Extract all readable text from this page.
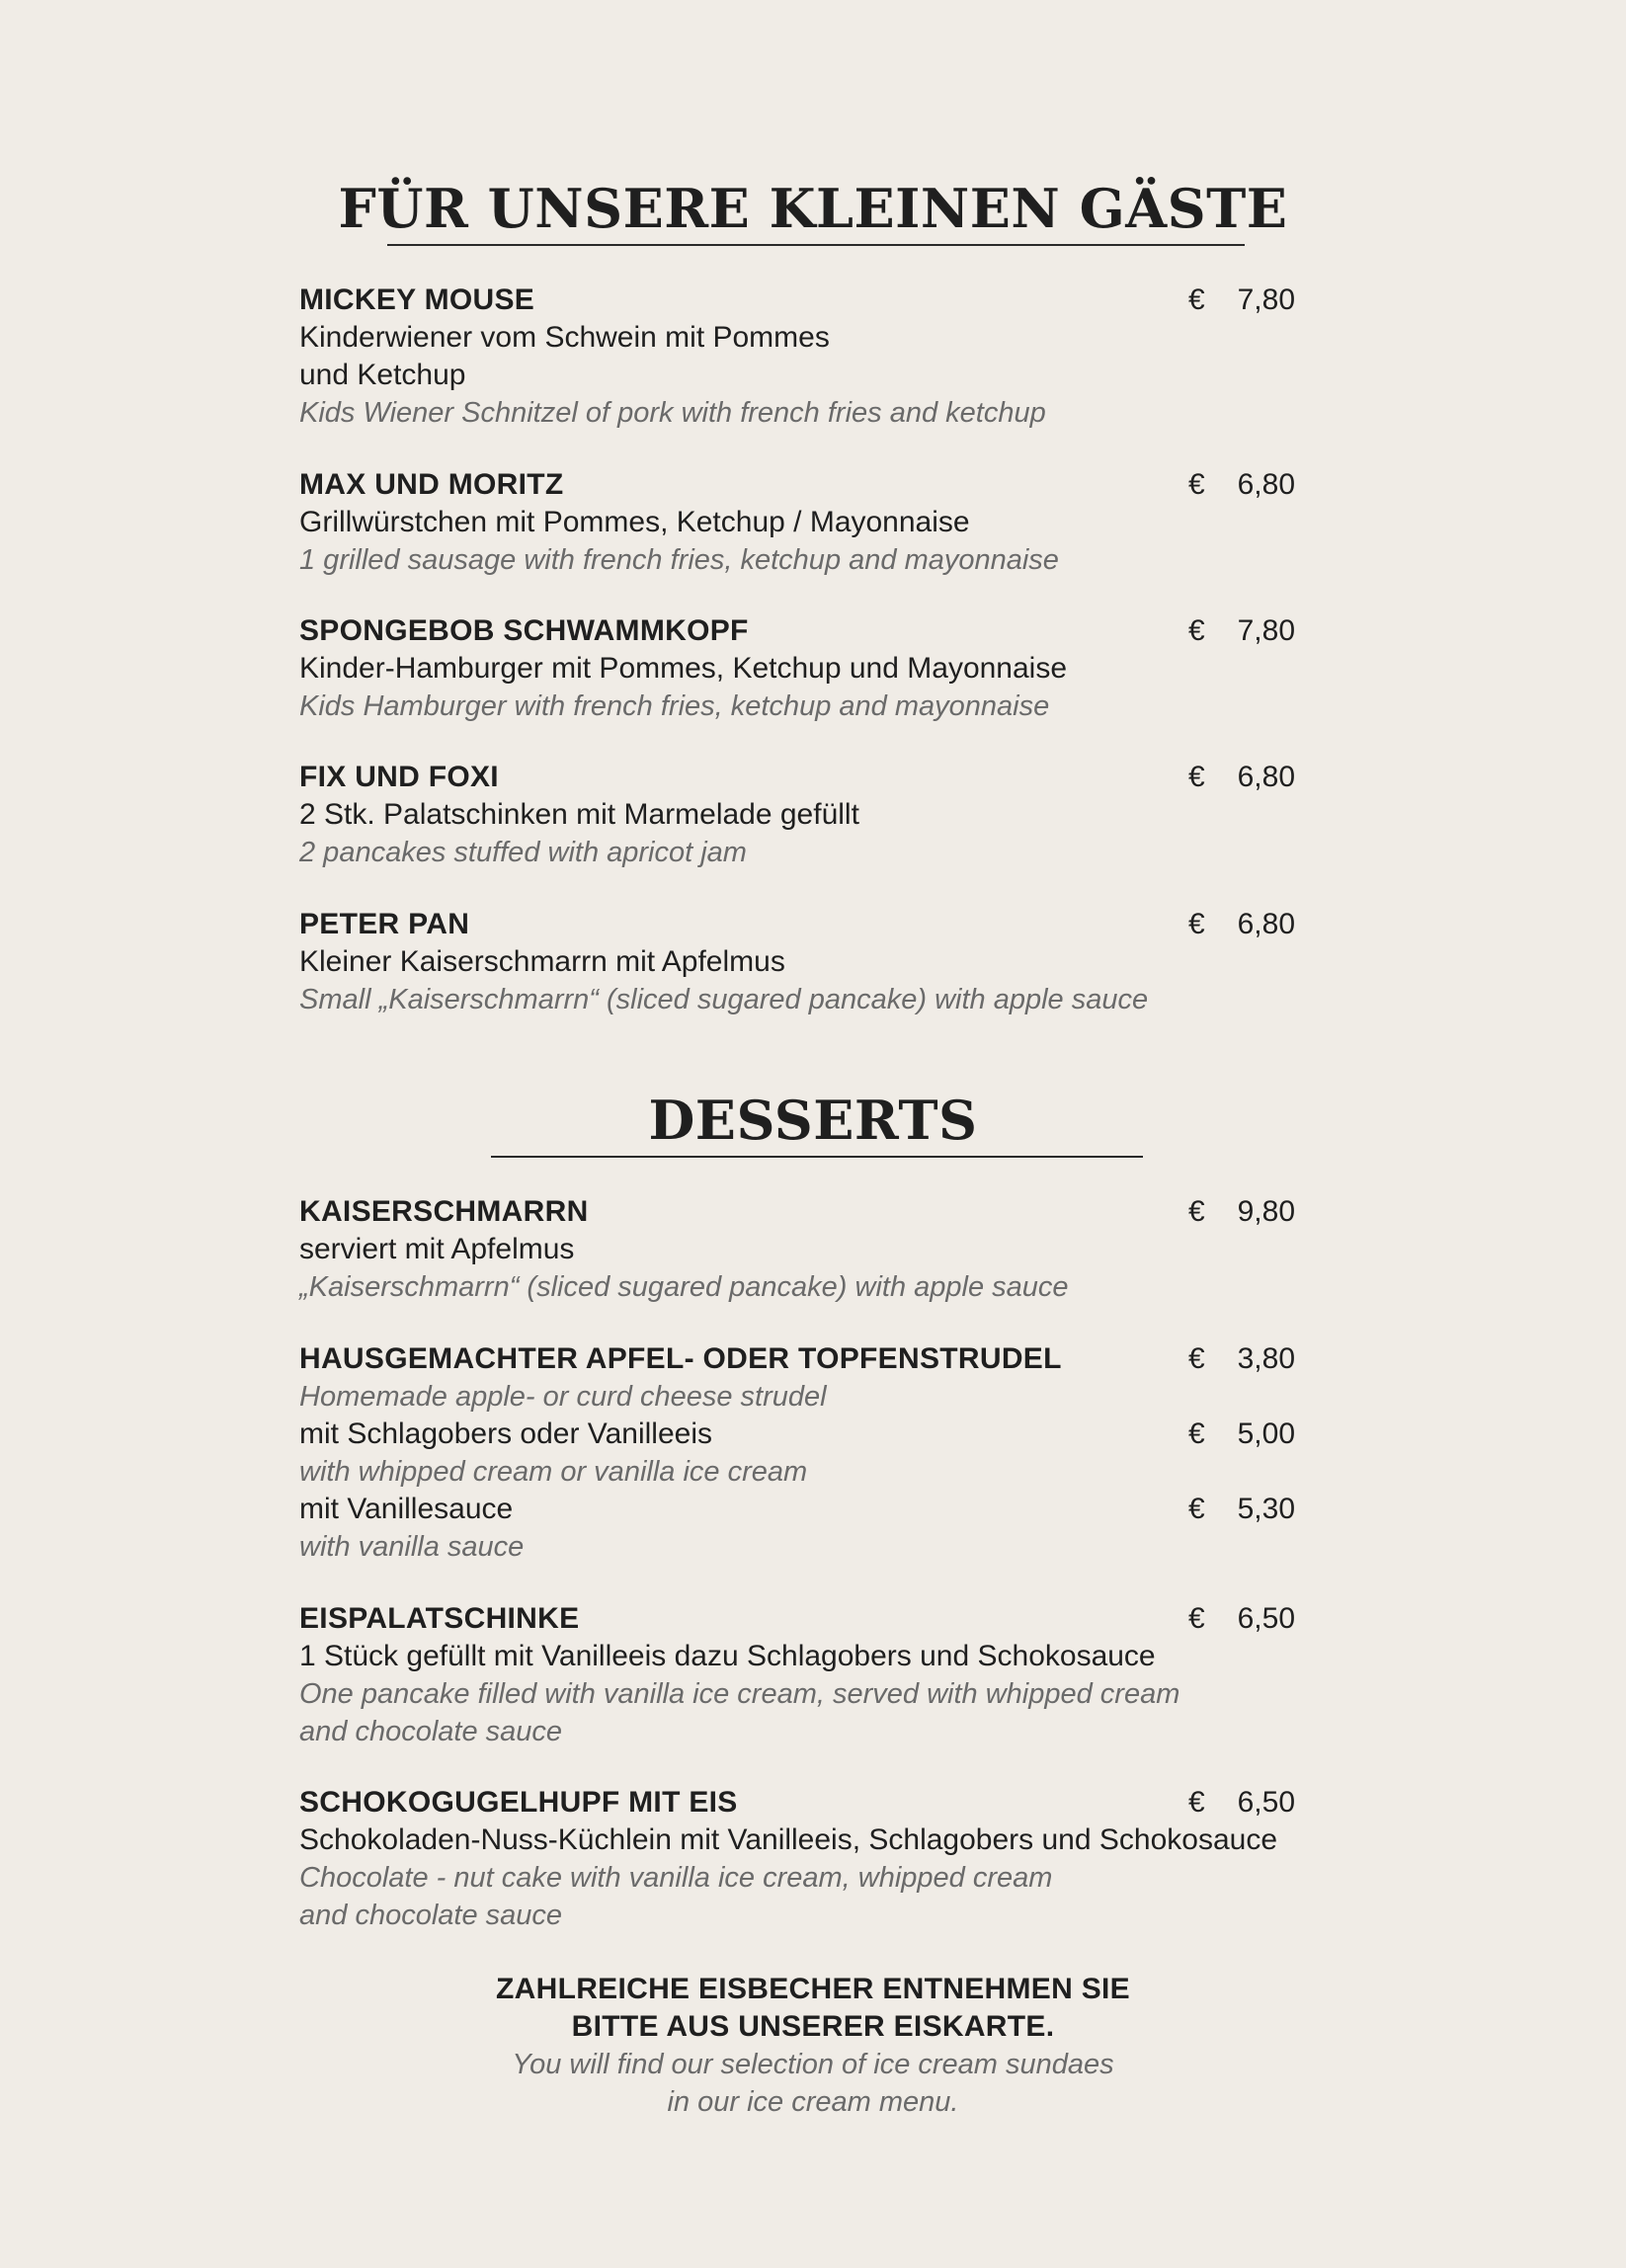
FÜR UNSERE KLEINEN GÄSTE
MICKEY MOUSE	€ 7,80
Kinderwiener vom Schwein mit Pommes
und Ketchup
Kids Wiener Schnitzel of pork with french fries and ketchup
MAX UND MORITZ	€ 6,80
Grillwürstchen mit Pommes, Ketchup / Mayonnaise
1 grilled sausage with french fries, ketchup and mayonnaise
SPONGEBOB SCHWAMMKOPF	€ 7,80
Kinder-Hamburger mit Pommes, Ketchup und Mayonnaise
Kids Hamburger with french fries, ketchup and mayonnaise
FIX UND FOXI	€ 6,80
2 Stk. Palatschinken mit Marmelade gefüllt
2 pancakes stuffed with apricot jam
PETER PAN	€ 6,80
Kleiner Kaiserschmarrn mit Apfelmus
Small „Kaiserschmarrn“ (sliced sugared pancake) with apple sauce
DESSERTS
KAISERSCHMARRN	€ 9,80
serviert mit Apfelmus
„Kaiserschmarrn“ (sliced sugared pancake) with apple sauce
HAUSGEMACHTER APFEL- ODER TOPFENSTRUDEL	€ 3,80
Homemade apple- or curd cheese strudel
mit Schlagobers oder Vanilleeis	€ 5,00
with whipped cream or vanilla ice cream
mit Vanillesauce	€ 5,30
with vanilla sauce
EISPALATSCHINKE	€ 6,50
1 Stück gefüllt mit Vanilleeis dazu Schlagobers und Schokosauce
One pancake filled with vanilla ice cream, served with whipped cream
and chocolate sauce
SCHOKOGUGELHUPF MIT EIS	€ 6,50
Schokoladen-Nuss-Küchlein mit Vanilleeis, Schlagobers und Schokosauce
Chocolate - nut cake with vanilla ice cream, whipped cream
and chocolate sauce
ZAHLREICHE EISBECHER ENTNEHMEN SIE
BITTE AUS UNSERER EISKARTE.
You will find our selection of ice cream sundaes
in our ice cream menu.
